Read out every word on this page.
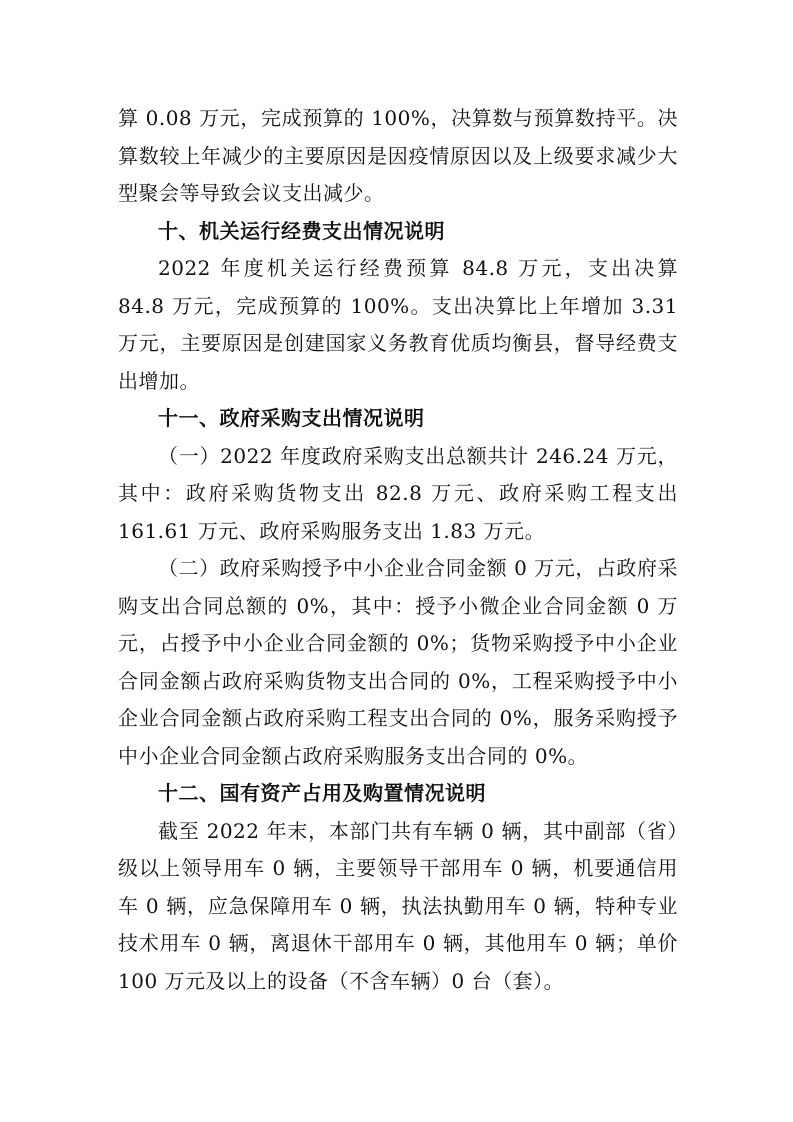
算 0.08 万元，完成预算的 100%，决算数与预算数持平。决算数较上年减少的主要原因是因疫情原因以及上级要求减少大型聚会等导致会议支出减少。

十、机关运行经费支出情况说明

2022 年度机关运行经费预算 84.8 万元，支出决算 84.8 万元，完成预算的 100%。支出决算比上年增加 3.31 万元，主要原因是创建国家义务教育优质均衡县，督导经费支出增加。

十一、政府采购支出情况说明

（一）2022 年度政府采购支出总额共计 246.24 万元，其中：政府采购货物支出 82.8 万元、政府采购工程支出 161.61 万元、政府采购服务支出 1.83 万元。

（二）政府采购授予中小企业合同金额 0 万元，占政府采购支出合同总额的 0%，其中：授予小微企业合同金额 0 万元，占授予中小企业合同金额的 0%；货物采购授予中小企业合同金额占政府采购货物支出合同的 0%，工程采购授予中小企业合同金额占政府采购工程支出合同的 0%，服务采购授予中小企业合同金额占政府采购服务支出合同的 0%。

十二、国有资产占用及购置情况说明

截至 2022 年末，本部门共有车辆 0 辆，其中副部（省）级以上领导用车 0 辆，主要领导干部用车 0 辆，机要通信用车 0 辆，应急保障用车 0 辆，执法执勤用车 0 辆，特种专业技术用车 0 辆，离退休干部用车 0 辆，其他用车 0 辆；单价 100 万元及以上的设备（不含车辆）0 台（套）。
